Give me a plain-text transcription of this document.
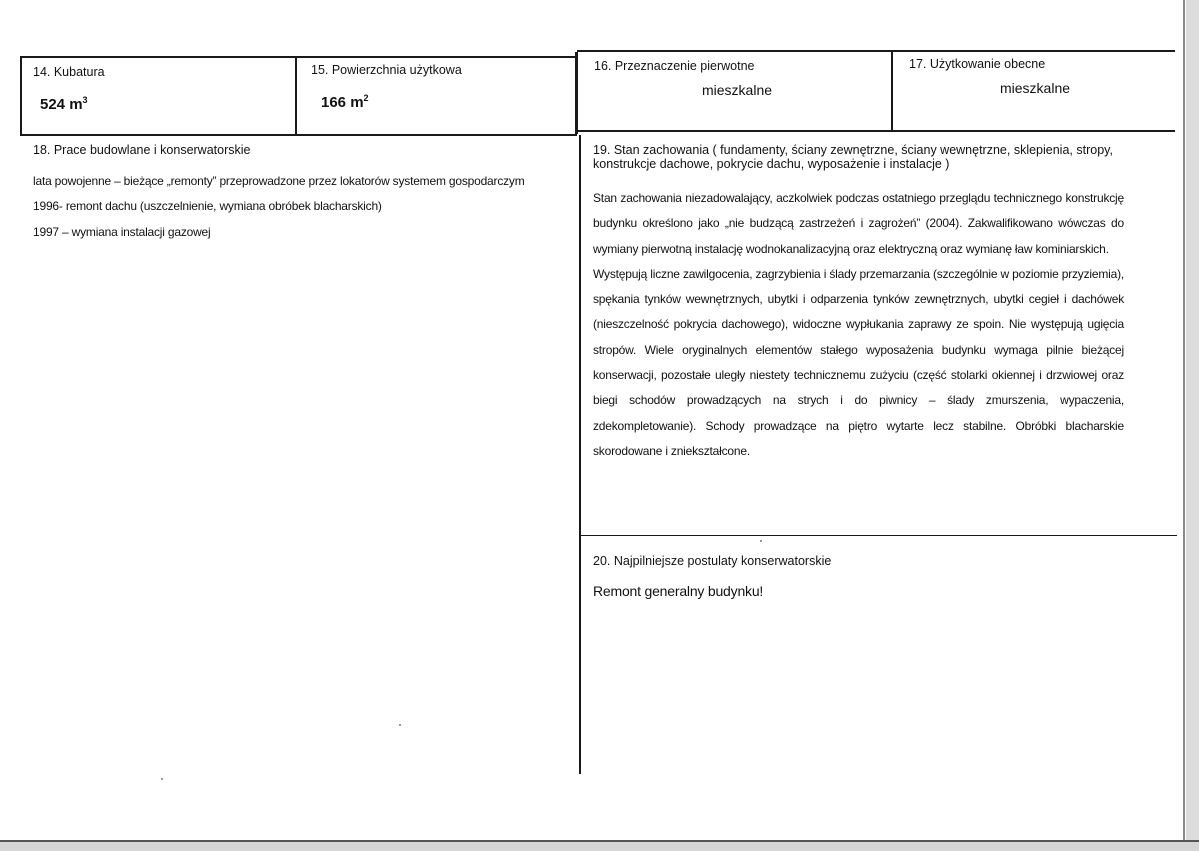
14. Kubatura
524 $m^3$
15. Powierzchnia użytkowa
166 $m^2$
16. Przeznaczenie pierwotne
mieszkalne
17. Użytkowanie obecne
mieszkalne
18. Prace budowlane i konserwatorskie
lata powojenne – bieżące „remonty” przeprowadzone przez lokatorów systemem gospodarczym
1996- remont dachu (uszczelnienie, wymiana obróbek blacharskich)
1997 – wymiana instalacji gazowej
19. Stan zachowania ( fundamenty, ściany zewnętrzne, ściany wewnętrzne, sklepienia, stropy,
konstrukcje dachowe, pokrycie dachu, wyposażenie i instalacje )

Stan zachowania niezadowalający, aczkolwiek podczas ostatniego przeglądu technicznego konstrukcję budynku określono jako „nie budzącą zastrzeżeń i zagrożeń” (2004). Zakwalifikowano wówczas do wymiany pierwotną instalację wodnokanalizacyjną oraz elektryczną oraz wymianę ław kominiarskich.

Występują liczne zawilgocenia, zagrzybienia i ślady przemarzania (szczególnie w poziomie przyziemia), spękania tynków wewnętrznych, ubytki i odparzenia tynków zewnętrznych, ubytki cegieł i dachówek (nieszczelność pokrycia dachowego), widoczne wypłukania zaprawy ze spoin. Nie występują ugięcia stropów. Wiele oryginalnych elementów stałego wyposażenia budynku wymaga pilnie bieżącej konserwacji, pozostałe uległy niestety technicznemu zużyciu (część stolarki okiennej i drzwiowej oraz biegi schodów prowadzących na strych i do piwnicy – ślady zmurszenia, wypaczenia, zdekompletowanie). Schody prowadzące na piętro wytarte lecz stabilne. Obróbki blacharskie skorodowane i zniekształcone.

20. Najpilniejsze postulaty konserwatorskie
Remont generalny budynku!
